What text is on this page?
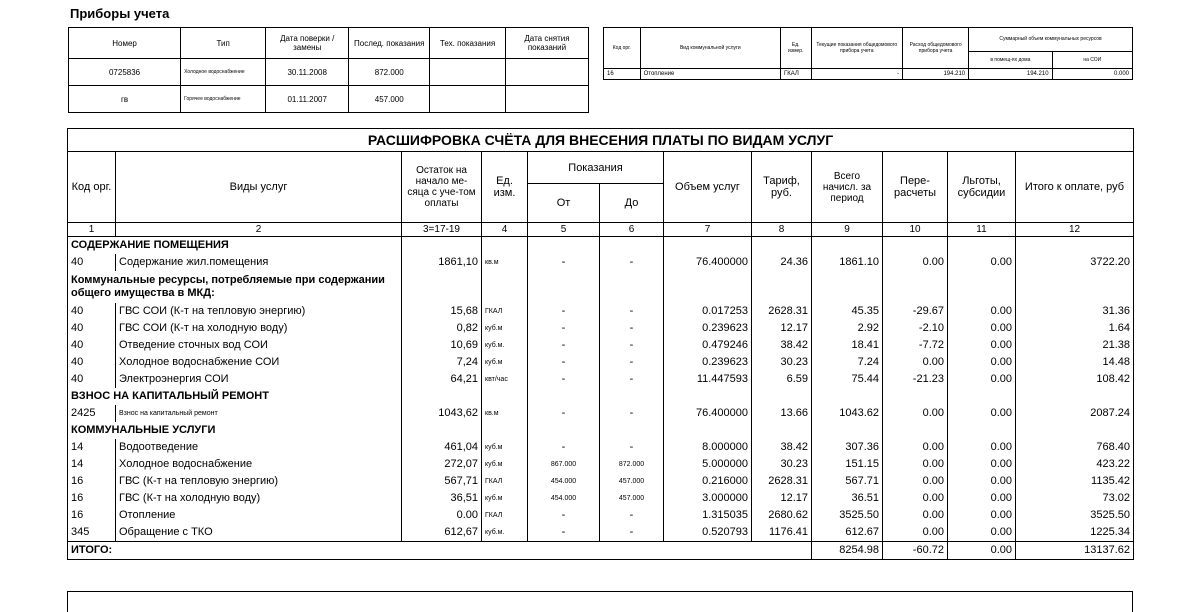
Приборы учета
Номер	Тип	Дата поверки /замены	Послед. показания	Тех. показания	Дата снятия показаний
0725836	Холодное водоснабжение	30.11.2008	872.000		
гв	Горячее водоснабжение	01.11.2007	457.000		
Код орг.	Вид коммунальной услуги	Ед. измер.	Текущие показания общедомового прибора учета	Расход общедомового прибора учета	Суммарный объем коммунальных ресурсов	
					в помещ-ях дома	на СОИ
16	Отопление	ГКАЛ	-	194.210	194.210	0.000
РАСШИФРОВКА СЧЁТА ДЛЯ ВНЕСЕНИЯ ПЛАТЫ ПО ВИДАМ УСЛУГ											
Код орг.	Виды услуг	Остаток на начало ме-сяца с уче-том оплаты	Ед. изм.	Показания		Объем услуг	Тариф, руб.	Всего начисл. за период	Пере-расчеты	Льготы, субсидии	Итого к оплате, руб
				От	До						
1	2	3=17-19	4	5	6	7	8	9	10	11	12
СОДЕРЖАНИЕ ПОМЕЩЕНИЯ											
40	Содержание жил.помещения	1861,10	кв.м	-	-	76.400000	24.36	1861.10	0.00	0.00	3722.20
Коммунальные ресурсы, потребляемые при содержании общего имущества в МКД:											
40	ГВС СОИ (К-т на тепловую энергию)	15,68	ГКАЛ	-	-	0.017253	2628.31	45.35	-29.67	0.00	31.36
40	ГВС СОИ (К-т на холодную воду)	0,82	куб.м	-	-	0.239623	12.17	2.92	-2.10	0.00	1.64
40	Отведение сточных вод СОИ	10,69	куб.м.	-	-	0.479246	38.42	18.41	-7.72	0.00	21.38
40	Холодное водоснабжение СОИ	7,24	куб.м	-	-	0.239623	30.23	7.24	0.00	0.00	14.48
40	Электроэнергия СОИ	64,21	квт/час	-	-	11.447593	6.59	75.44	-21.23	0.00	108.42
ВЗНОС НА КАПИТАЛЬНЫЙ РЕМОНТ											
2425	Взнос на капитальный ремонт	1043,62	кв.м	-	-	76.400000	13.66	1043.62	0.00	0.00	2087.24
КОММУНАЛЬНЫЕ УСЛУГИ											
14	Водоотведение	461,04	куб.м	-	-	8.000000	38.42	307.36	0.00	0.00	768.40
14	Холодное водоснабжение	272,07	куб.м	867.000	872.000	5.000000	30.23	151.15	0.00	0.00	423.22
16	ГВС (К-т на тепловую энергию)	567,71	ГКАЛ	454.000	457.000	0.216000	2628.31	567.71	0.00	0.00	1135.42
16	ГВС (К-т на холодную воду)	36,51	куб.м	454.000	457.000	3.000000	12.17	36.51	0.00	0.00	73.02
16	Отопление	0.00	ГКАЛ	-	-	1.315035	2680.62	3525.50	0.00	0.00	3525.50
345	Обращение с ТКО	612,67	куб.м.	-	-	0.520793	1176.41	612.67	0.00	0.00	1225.34
ИТОГО:								8254.98	-60.72	0.00	13137.62
